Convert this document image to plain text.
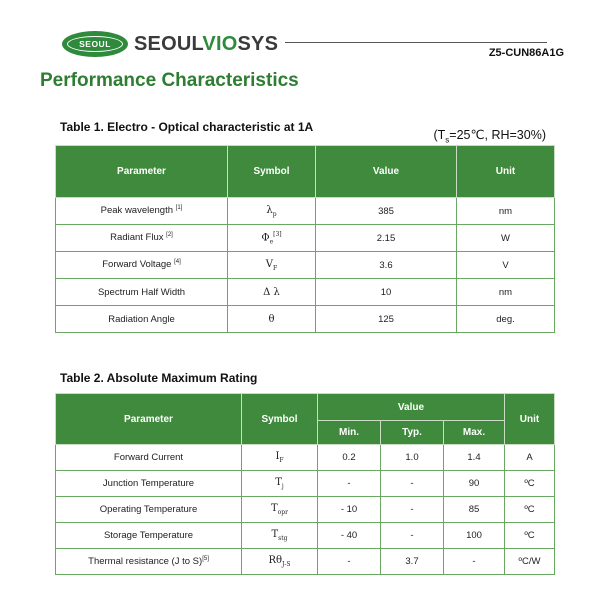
SEOUL SEOULVIOSYS	Z5-CUN86A1G
Performance Characteristics
Table 1. Electro - Optical characteristic at 1A
($T_s=25℃$, RH=30%)
Parameter	Symbol	Value	Unit
Peak wavelength [1]	$\lambda_p$	385	nm
Radiant Flux [2]	$\Phi_e[3]$	2.15	W
Forward Voltage [4]	$V_F$	3.6	V
Spectrum Half Width	Δ λ	10	nm
Radiation Angle	θ	125	deg.
Table 2. Absolute Maximum Rating
Parameter	Symbol	Value			Unit
		Min.	Typ.	Max.	
Forward Current	$I_F$	0.2	1.0	1.4	A
Junction Temperature	$T_j$	-	-	90	ºC
Operating Temperature	$T_{opr}$	- 10	-	85	ºC
Storage Temperature	$T_{stg}$	- 40	-	100	ºC
Thermal resistance (J to S)[5]	$R\theta_{J-S}$	-	3.7	-	ºC/W
